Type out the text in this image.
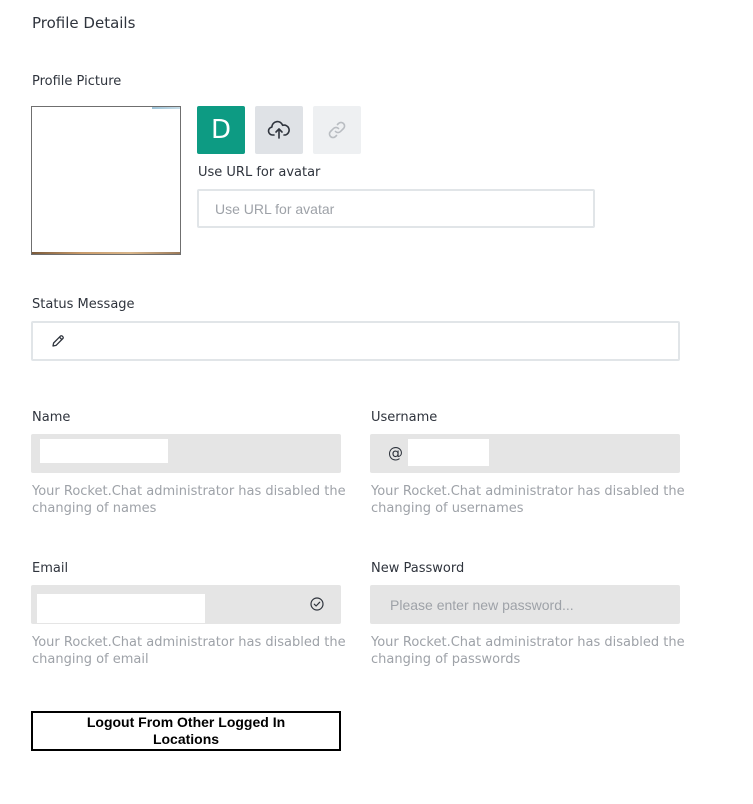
Profile Details
Profile Picture
D
Use URL for avatar
Use URL for avatar
Status Message
Name
Your Rocket.Chat administrator has disabled the changing of names
Username
@
Your Rocket.Chat administrator has disabled the changing of usernames
Email
Your Rocket.Chat administrator has disabled the changing of email
New Password
Your Rocket.Chat administrator has disabled the changing of passwords
Logout From Other Logged In Locations
